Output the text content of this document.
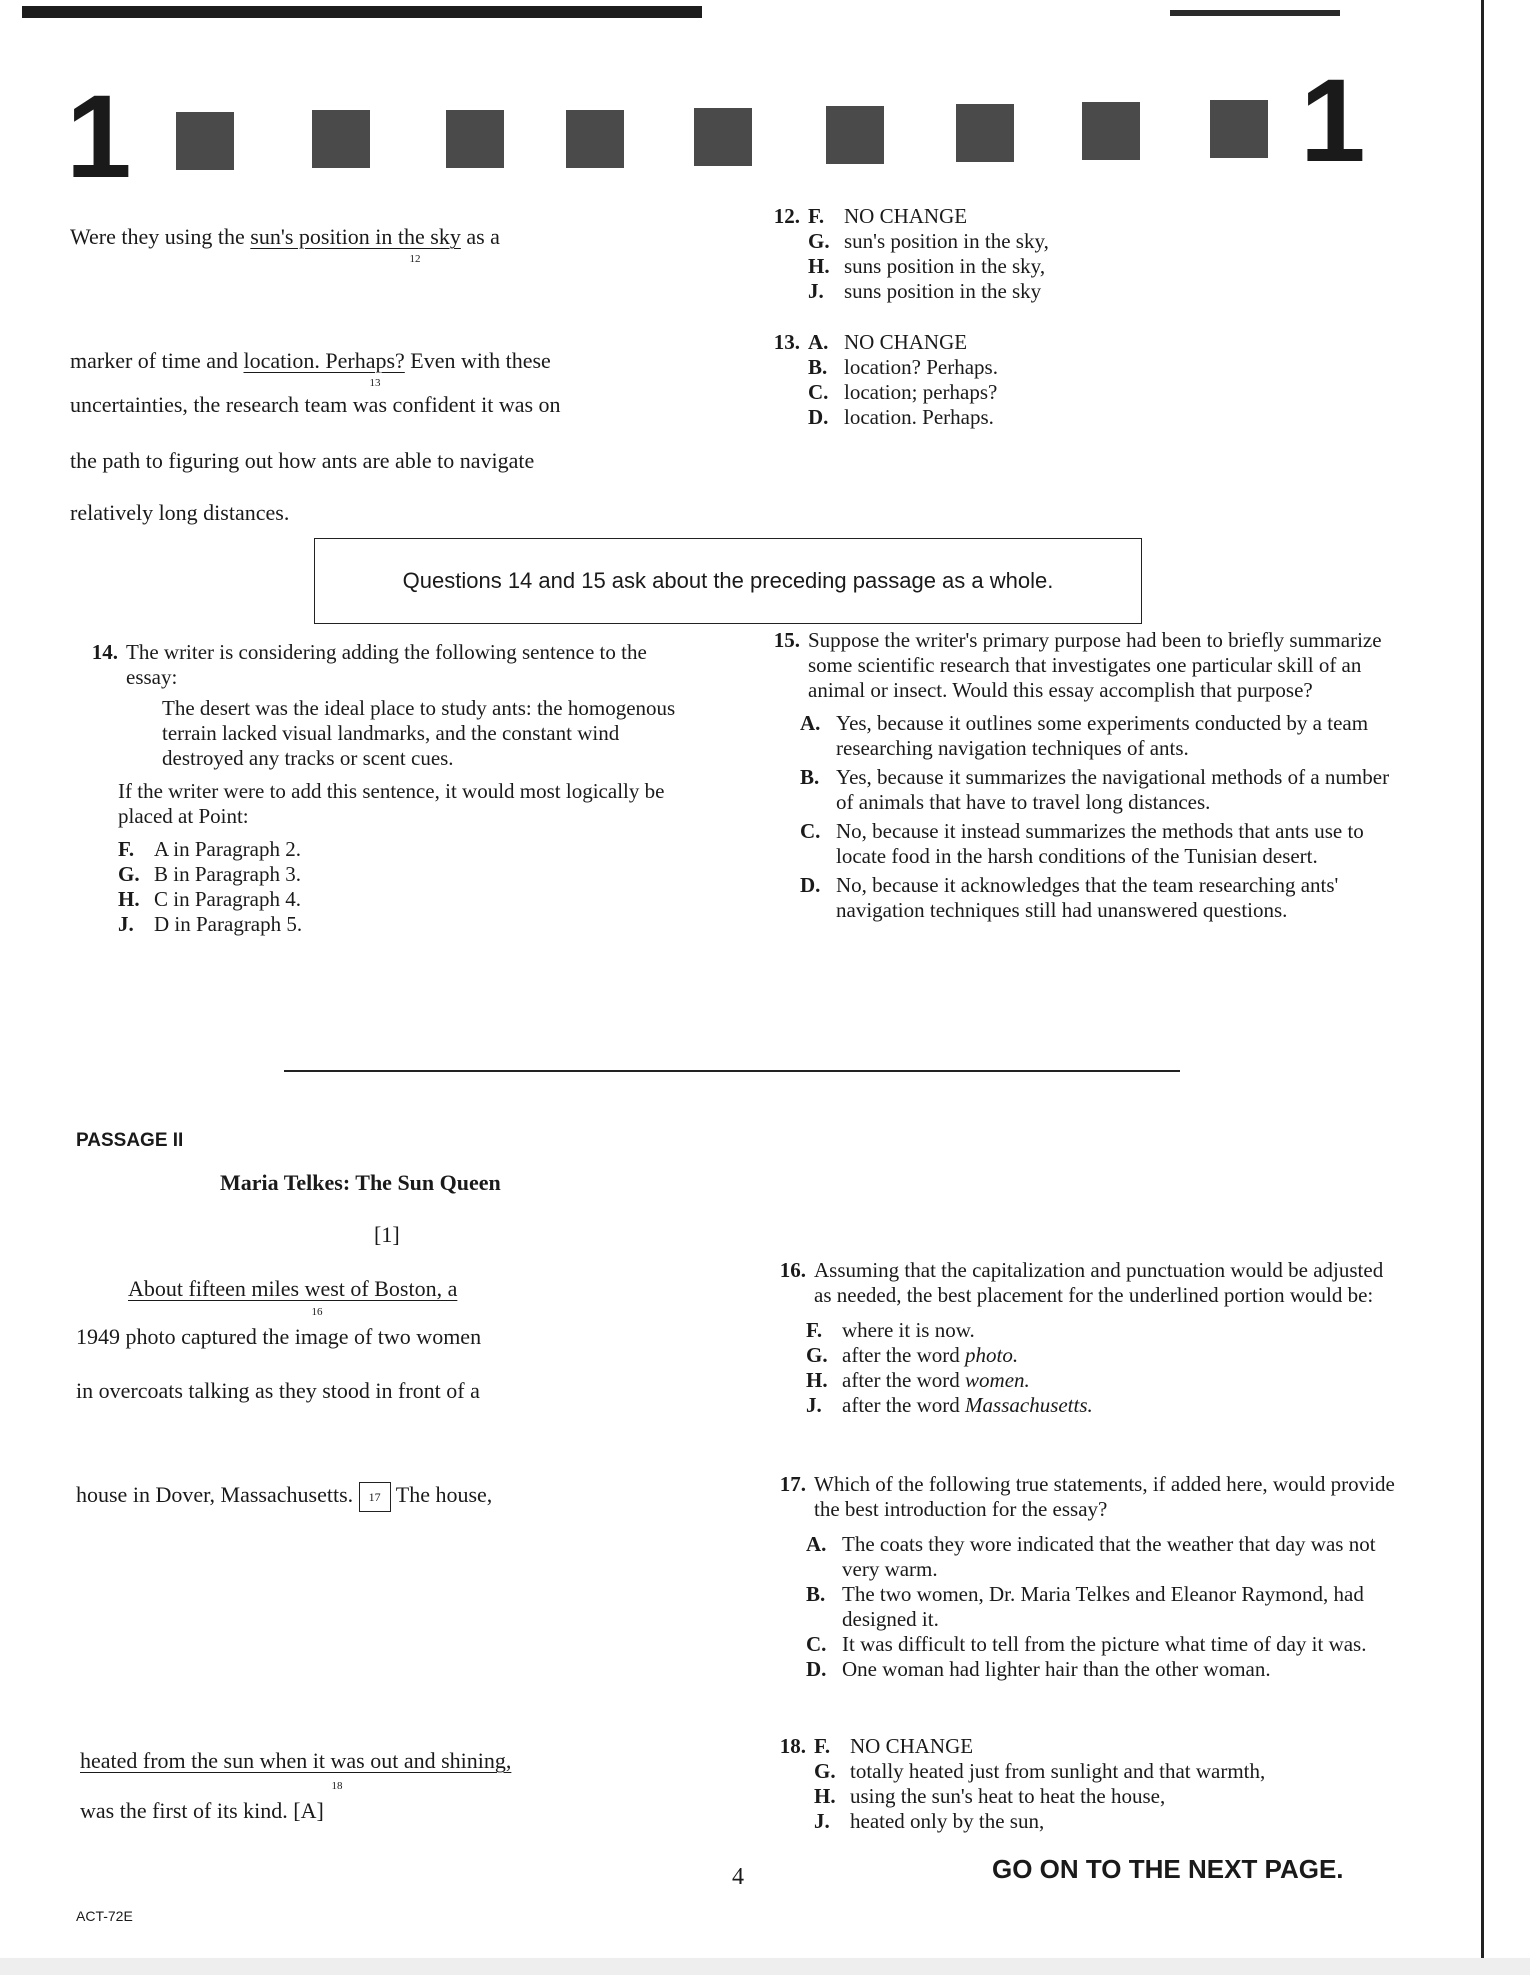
1	1
Were they using the sun's position in the sky as a
12
marker of time and location. Perhaps? Even with these
13
uncertainties, the research team was confident it was on
the path to figuring out how ants are able to navigate
relatively long distances.
12. F. NO CHANGE
G. sun's position in the sky,
H. suns position in the sky,
J. suns position in the sky
13. A. NO CHANGE
B. location? Perhaps.
C. location; perhaps?
D. location. Perhaps.
Questions 14 and 15 ask about the preceding passage as a whole.
14. The writer is considering adding the following sentence to the essay:
The desert was the ideal place to study ants: the homogenous terrain lacked visual landmarks, and the constant wind destroyed any tracks or scent cues.
If the writer were to add this sentence, it would most logically be placed at Point:
F. A in Paragraph 2.
G. B in Paragraph 3.
H. C in Paragraph 4.
J. D in Paragraph 5.
15. Suppose the writer's primary purpose had been to briefly summarize some scientific research that investigates one particular skill of an animal or insect. Would this essay accomplish that purpose?
A. Yes, because it outlines some experiments conducted by a team researching navigation techniques of ants.
B. Yes, because it summarizes the navigational methods of a number of animals that have to travel long distances.
C. No, because it instead summarizes the methods that ants use to locate food in the harsh conditions of the Tunisian desert.
D. No, because it acknowledges that the team researching ants' navigation techniques still had unanswered questions.
PASSAGE II
Maria Telkes: The Sun Queen
[1]
About fifteen miles west of Boston, a
16
1949 photo captured the image of two women
in overcoats talking as they stood in front of a
house in Dover, Massachusetts. 17 The house,
heated from the sun when it was out and shining,
18
was the first of its kind. [A]
16. Assuming that the capitalization and punctuation would be adjusted as needed, the best placement for the underlined portion would be:
F. where it is now.
G. after the word photo.
H. after the word women.
J. after the word Massachusetts.
17. Which of the following true statements, if added here, would provide the best introduction for the essay?
A. The coats they wore indicated that the weather that day was not very warm.
B. The two women, Dr. Maria Telkes and Eleanor Raymond, had designed it.
C. It was difficult to tell from the picture what time of day it was.
D. One woman had lighter hair than the other woman.
18. F. NO CHANGE
G. totally heated just from sunlight and that warmth,
H. using the sun's heat to heat the house,
J. heated only by the sun,
4	GO ON TO THE NEXT PAGE.
ACT-72E
